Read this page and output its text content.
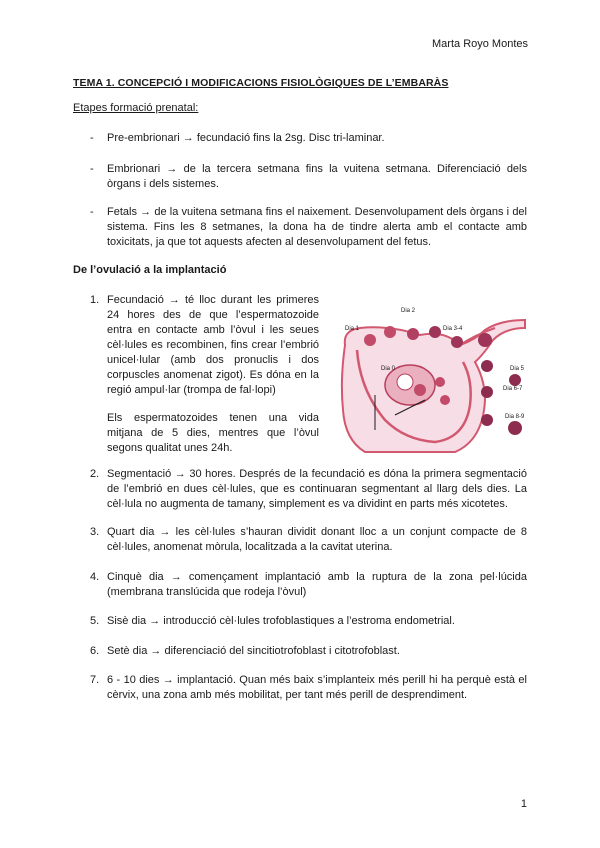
Marta Royo Montes
TEMA 1. CONCEPCIÓ I MODIFICACIONS FISIOLÒGIQUES DE L’EMBARÀS
Etapes formació prenatal:
- Pre-embrionari → fecundació fins la 2sg. Disc tri-laminar.
- Embrionari → de la tercera setmana fins la vuitena setmana. Diferenciació dels òrgans i dels sistemes.
- Fetals → de la vuitena setmana fins el naixement. Desenvolupament dels òrgans i del sistema. Fins les 8 setmanes, la dona ha de tindre alerta amb el contacte amb toxicitats, ja que tot aquests afecten al desenvolupament del fetus.
De l’ovulació a la implantació
1. Fecundació → té lloc durant les primeres 24 hores des de que l’espermatozoide entra en contacte amb l’òvul i les seues cèl·lules es recombinen, fins crear l’embrió unicel·lular (amb dos pronuclis i dos corpuscles anomenat zigot). Es dóna en la regió ampul·lar (trompa de fal·lopi)
Els espermatozoides tenen una vida mitjana de 5 dies, mentres que l’òvul segons qualitat unes 24h.
Dia 1
Dia 2
Dia 3-4
Dia 0	Dia 5
Dia 6-7
Dia 8-9
2. Segmentació → 30 hores. Després de la fecundació es dóna la primera segmentació de l’embrió en dues cèl·lules, que es continuaran segmentant al llarg dels dies. La cèl·lula no augmenta de tamany, simplement es va dividint en parts més xicotetes.
3. Quart dia → les cèl·lules s’hauran dividit donant lloc a un conjunt compacte de 8 cèl·lules, anomenat mòrula, localitzada a la cavitat uterina.
4. Cinquè dia → començament implantació amb la ruptura de la zona pel·lúcida (membrana translúcida que rodeja l’òvul)
5. Sisè dia → introducció cèl·lules trofoblastiques a l’estroma endometrial.
6. Setè dia → diferenciació del sincitiotrofoblast i citotrofoblast.
7. 6 - 10 dies → implantació. Quan més baix s’implanteix més perill hi ha perquè està el cèrvix, una zona amb més mobilitat, per tant més perill de desprendiment.
1
